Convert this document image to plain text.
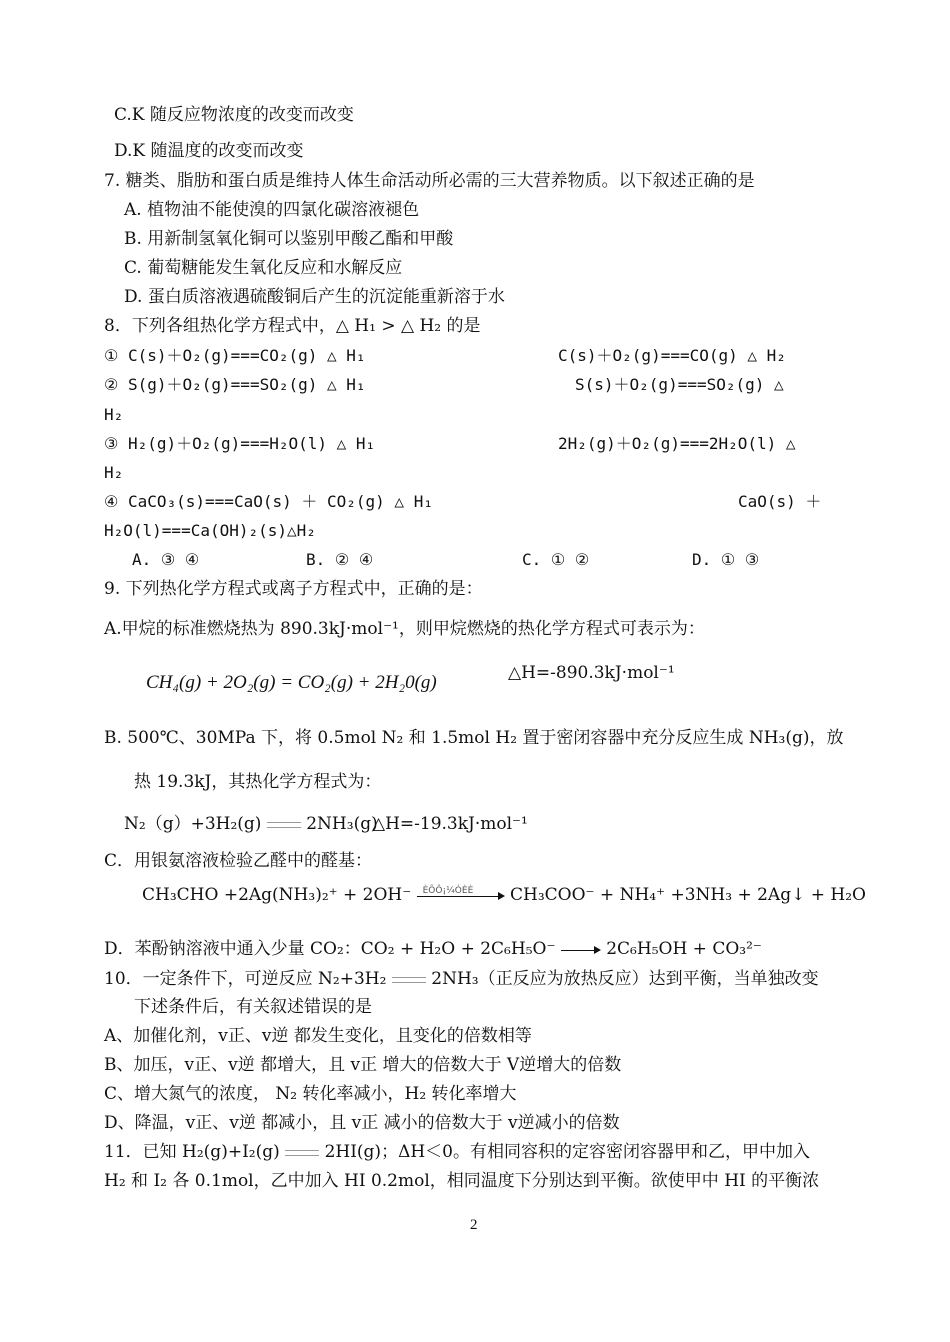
C.K 随反应物浓度的改变而改变
D.K 随温度的改变而改变
7. 糖类、脂肪和蛋白质是维持人体生命活动所必需的三大营养物质。以下叙述正确的是
A. 植物油不能使溴的四氯化碳溶液褪色
B. 用新制氢氧化铜可以鉴别甲酸乙酯和甲酸
C. 葡萄糖能发生氧化反应和水解反应
D. 蛋白质溶液遇硫酸铜后产生的沉淀能重新溶于水
8．下列各组热化学方程式中，△ H₁ > △ H₂ 的是
① C(s)＋O₂(g)===CO₂(g) △ H₁	C(s)＋O₂(g)===CO(g) △ H₂
② S(g)＋O₂(g)===SO₂(g) △ H₁	S(s)＋O₂(g)===SO₂(g) △
H₂
③ H₂(g)＋O₂(g)===H₂O(l) △ H₁	2H₂(g)＋O₂(g)===2H₂O(l) △
H₂
④ CaCO₃(s)===CaO(s) ＋ CO₂(g) △ H₁	CaO(s) ＋
H₂O(l)===Ca(OH)₂(s)△H₂
A. ③ ④	B. ② ④	C. ① ②	D. ① ③
9. 下列热化学方程式或离子方程式中，正确的是：
A.甲烷的标准燃烧热为 890.3kJ·mol⁻¹，则甲烷燃烧的热化学方程式可表示为：
CH₄(g) + 2O₂(g) = CO₂(g) + 2H₂0(g)	△H=-890.3kJ·mol⁻¹
B. 500℃、30MPa 下，将 0.5mol N₂ 和 1.5mol H₂ 置于密闭容器中充分反应生成 NH₃(g)，放
热 19.3kJ，其热化学方程式为：
N₂（g）+3H₂(g)	2NH₃(g)
△H=-19.3kJ·mol⁻¹
C．用银氨溶液检验乙醛中的醛基：
CH₃CHO +2Ag(NH₃)₂⁺ + 2OH⁻ ÈÕÔ¡¼ÓÈÈ CH₃COO⁻ + NH₄⁺ +3NH₃ + 2Ag↓ + H₂O
D．苯酚钠溶液中通入少量 CO₂：CO₂ + H₂O + 2C₆H₅O⁻	2C₆H₅OH + CO₃²⁻
10．一定条件下，可逆反应 N₂+3H₂	2NH₃（正反应为放热反应）达到平衡，当单独改变
下述条件后，有关叙述错误的是
A、加催化剂，v正、v逆 都发生变化，且变化的倍数相等
B、加压，v正、v逆 都增大，且 v正 增大的倍数大于 V逆增大的倍数
C、增大氮气的浓度， N₂ 转化率减小，H₂ 转化率增大
D、降温，v正、v逆 都减小，且 v正 减小的倍数大于 v逆减小的倍数
11．已知 H₂(g)+I₂(g)	2HI(g)；ΔH＜0。有相同容积的定容密闭容器甲和乙，甲中加入
H₂ 和 I₂ 各 0.1mol，乙中加入 HI 0.2mol，相同温度下分别达到平衡。欲使甲中 HI 的平衡浓
2
